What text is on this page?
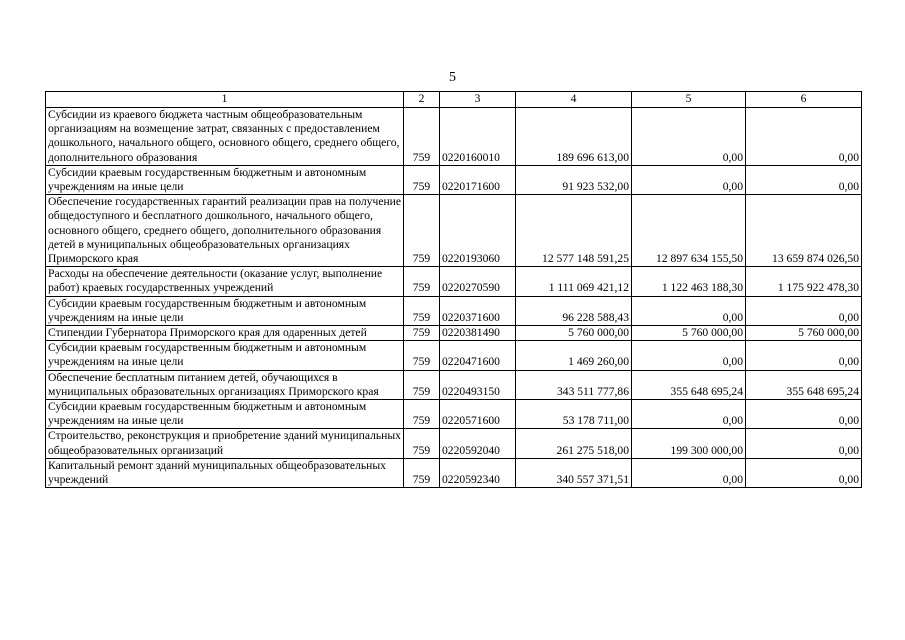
5
1	2	3	4	5	6
Субсидии из краевого бюджета частным общеобразовательным организациям на возмещение затрат, связанных с предоставлением дошкольного, начального общего, основного общего, среднего общего, дополнительного образования	759	0220160010	189 696 613,00	0,00	0,00
Субсидии краевым государственным бюджетным и автономным учреждениям на иные цели	759	0220171600	91 923 532,00	0,00	0,00
Обеспечение государственных гарантий реализации прав на получение общедоступного и бесплатного дошкольного, начального общего, основного общего, среднего общего, дополнительного образования детей в муниципальных общеобразовательных организациях Приморского края	759	0220193060	12 577 148 591,25	12 897 634 155,50	13 659 874 026,50
Расходы на обеспечение деятельности (оказание услуг, выполнение работ) краевых государственных учреждений	759	0220270590	1 111 069 421,12	1 122 463 188,30	1 175 922 478,30
Субсидии краевым государственным бюджетным и автономным учреждениям на иные цели	759	0220371600	96 228 588,43	0,00	0,00
Стипендии Губернатора Приморского края для одаренных детей	759	0220381490	5 760 000,00	5 760 000,00	5 760 000,00
Субсидии краевым государственным бюджетным и автономным учреждениям на иные цели	759	0220471600	1 469 260,00	0,00	0,00
Обеспечение бесплатным питанием детей, обучающихся в муниципальных образовательных организациях Приморского края	759	0220493150	343 511 777,86	355 648 695,24	355 648 695,24
Субсидии краевым государственным бюджетным и автономным учреждениям на иные цели	759	0220571600	53 178 711,00	0,00	0,00
Строительство, реконструкция и приобретение зданий муниципальных общеобразовательных организаций	759	0220592040	261 275 518,00	199 300 000,00	0,00
Капитальный ремонт зданий муниципальных общеобразовательных учреждений	759	0220592340	340 557 371,51	0,00	0,00
